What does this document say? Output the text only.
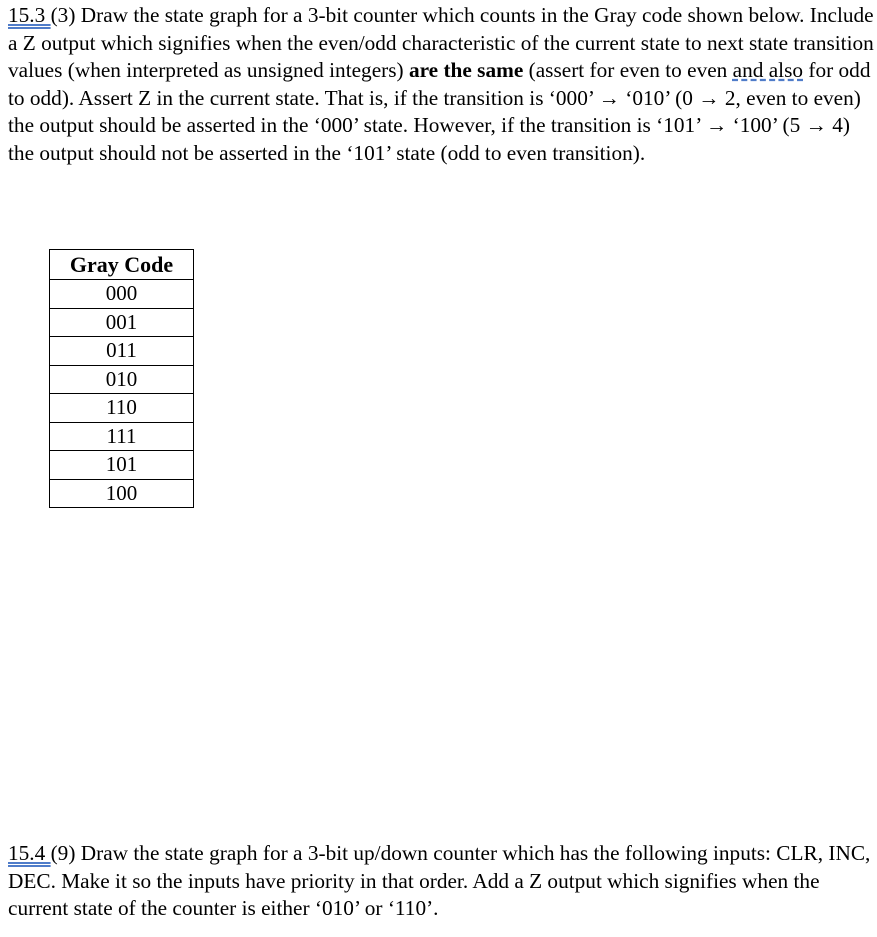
15.3 (3) Draw the state graph for a 3-bit counter which counts in the Gray code shown below. Include a Z output which signifies when the even/odd characteristic of the current state to next state transition values (when interpreted as unsigned integers) are the same (assert for even to even and also for odd to odd). Assert Z in the current state. That is, if the transition is ‘000’ → ‘010’ (0 → 2, even to even) the output should be asserted in the ‘000’ state. However, if the transition is ‘101’ → ‘100’ (5 → 4) the output should not be asserted in the ‘101’ state (odd to even transition).

Gray Code
000
001
011
010
110
111
101
100

15.4 (9) Draw the state graph for a 3-bit up/down counter which has the following inputs: CLR, INC, DEC. Make it so the inputs have priority in that order. Add a Z output which signifies when the current state of the counter is either ‘010’ or ‘110’.
